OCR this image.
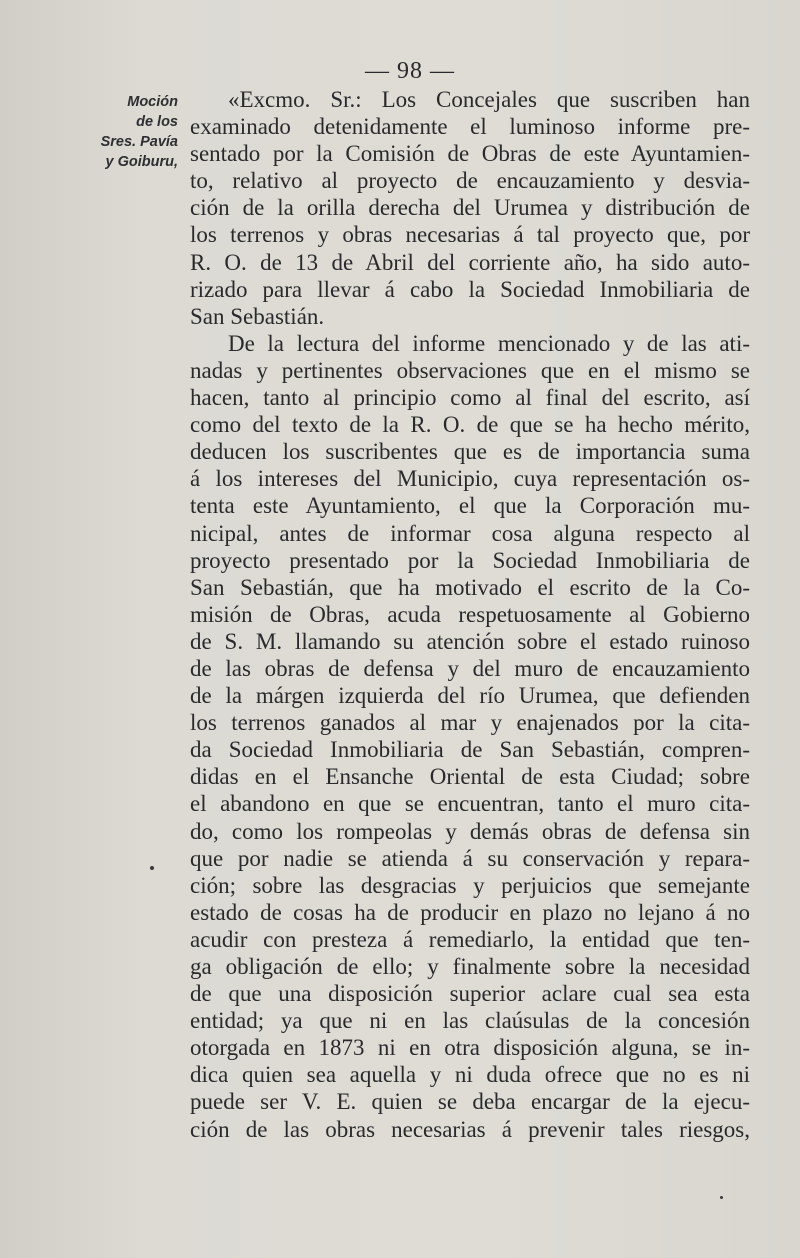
— 98 —
Moción
de los
Sres. Pavía
y Goiburu,
«Excmo. Sr.: Los Concejales que suscriben han
examinado detenidamente el luminoso informe pre-
sentado por la Comisión de Obras de este Ayuntamien-
to, relativo al proyecto de encauzamiento y desvia-
ción de la orilla derecha del Urumea y distribución de
los terrenos y obras necesarias á tal proyecto que, por
R. O. de 13 de Abril del corriente año, ha sido auto-
rizado para llevar á cabo la Sociedad Inmobiliaria de
San Sebastián.
De la lectura del informe mencionado y de las ati-
nadas y pertinentes observaciones que en el mismo se
hacen, tanto al principio como al final del escrito, así
como del texto de la R. O. de que se ha hecho mérito,
deducen los suscribentes que es de importancia suma
á los intereses del Municipio, cuya representación os-
tenta este Ayuntamiento, el que la Corporación mu-
nicipal, antes de informar cosa alguna respecto al
proyecto presentado por la Sociedad Inmobiliaria de
San Sebastián, que ha motivado el escrito de la Co-
misión de Obras, acuda respetuosamente al Gobierno
de S. M. llamando su atención sobre el estado ruinoso
de las obras de defensa y del muro de encauzamiento
de la márgen izquierda del río Urumea, que defienden
los terrenos ganados al mar y enajenados por la cita-
da Sociedad Inmobiliaria de San Sebastián, compren-
didas en el Ensanche Oriental de esta Ciudad; sobre
el abandono en que se encuentran, tanto el muro cita-
do, como los rompeolas y demás obras de defensa sin
que por nadie se atienda á su conservación y repara-
ción; sobre las desgracias y perjuicios que semejante
estado de cosas ha de producir en plazo no lejano á no
acudir con presteza á remediarlo, la entidad que ten-
ga obligación de ello; y finalmente sobre la necesidad
de que una disposición superior aclare cual sea esta
entidad; ya que ni en las claúsulas de la concesión
otorgada en 1873 ni en otra disposición alguna, se in-
dica quien sea aquella y ni duda ofrece que no es ni
puede ser V. E. quien se deba encargar de la ejecu-
ción de las obras necesarias á prevenir tales riesgos,
